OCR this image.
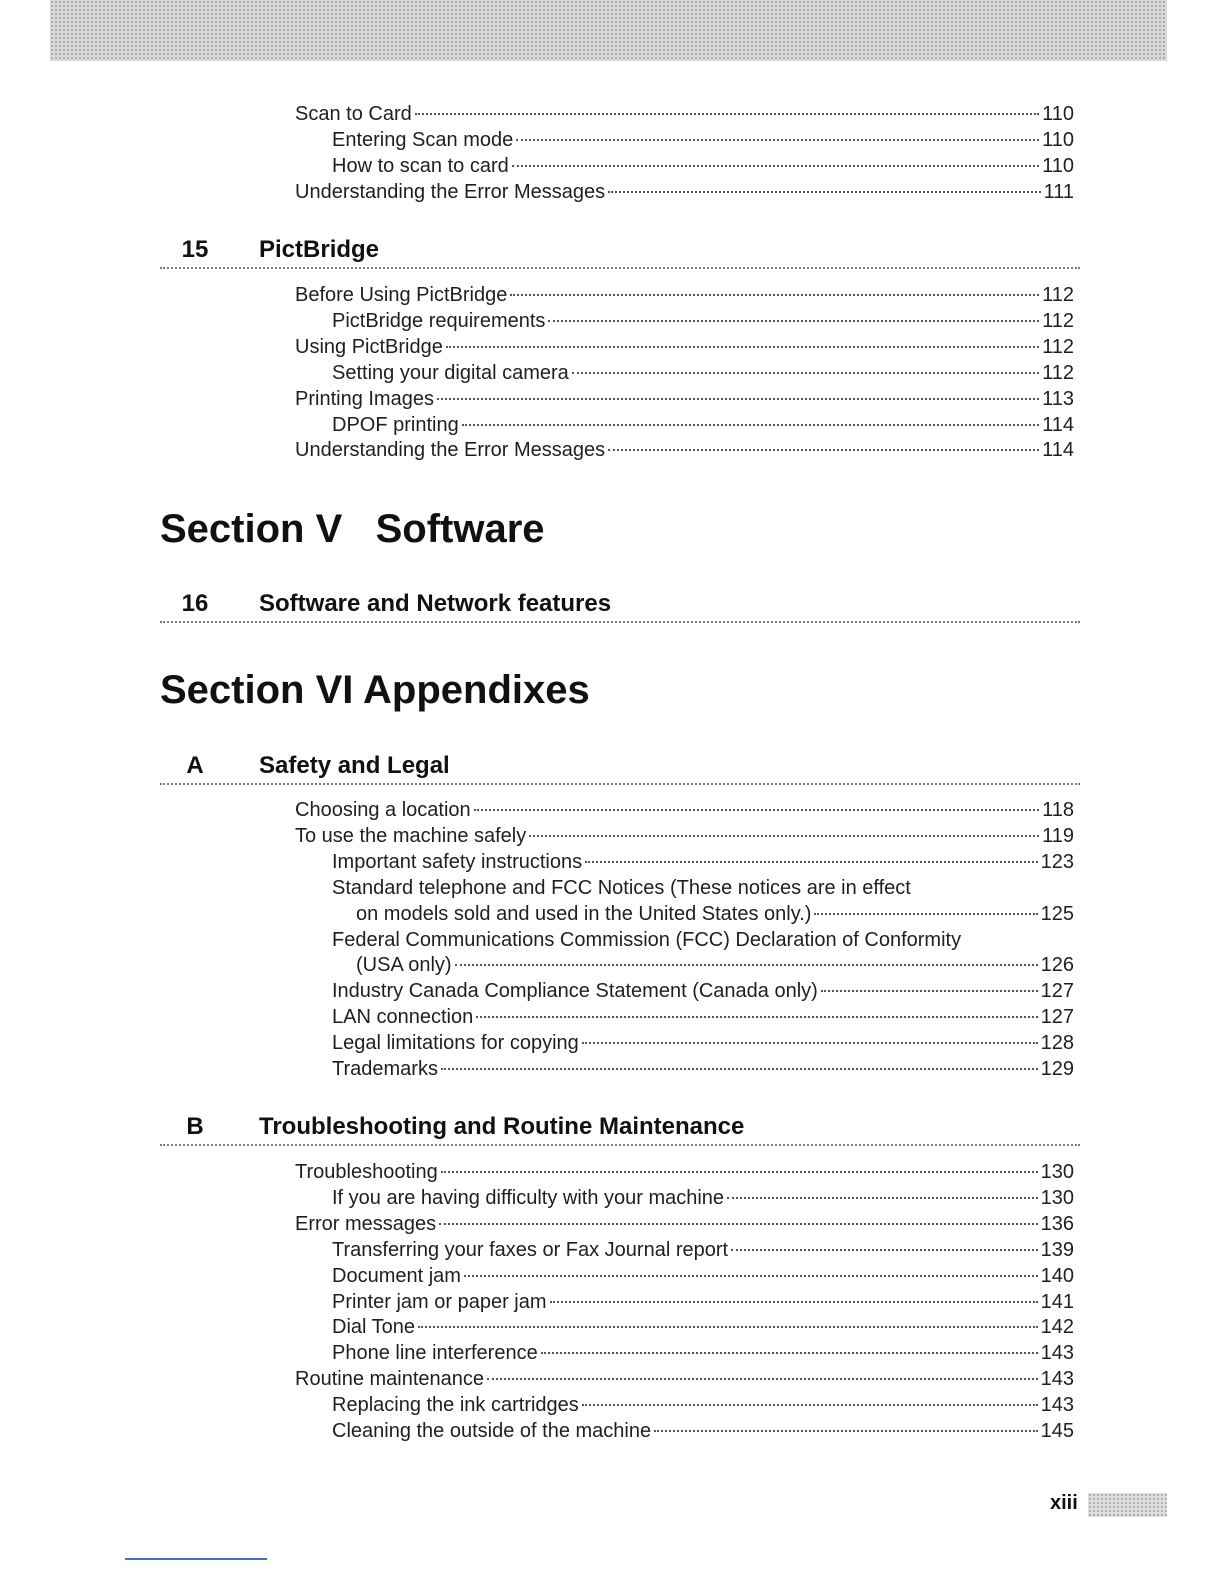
Scan to Card	110
Entering Scan mode	110
How to scan to card	110
Understanding the Error Messages	111
15	PictBridge
Before Using PictBridge	112
PictBridge requirements	112
Using PictBridge	112
Setting your digital camera	112
Printing Images	113
DPOF printing	114
Understanding the Error Messages	114
Section V   Software
16	Software and Network features
Section VI Appendixes
A	Safety and Legal
Choosing a location	118
To use the machine safely	119
Important safety instructions	123
Standard telephone and FCC Notices (These notices are in effect
on models sold and used in the United States only.)	125
Federal Communications Commission (FCC) Declaration of Conformity
(USA only)	126
Industry Canada Compliance Statement (Canada only)	127
LAN connection	127
Legal limitations for copying	128
Trademarks	129
B	Troubleshooting and Routine Maintenance
Troubleshooting	130
If you are having difficulty with your machine	130
Error messages	136
Transferring your faxes or Fax Journal report	139
Document jam	140
Printer jam or paper jam	141
Dial Tone	142
Phone line interference	143
Routine maintenance	143
Replacing the ink cartridges	143
Cleaning the outside of the machine	145
xiii
